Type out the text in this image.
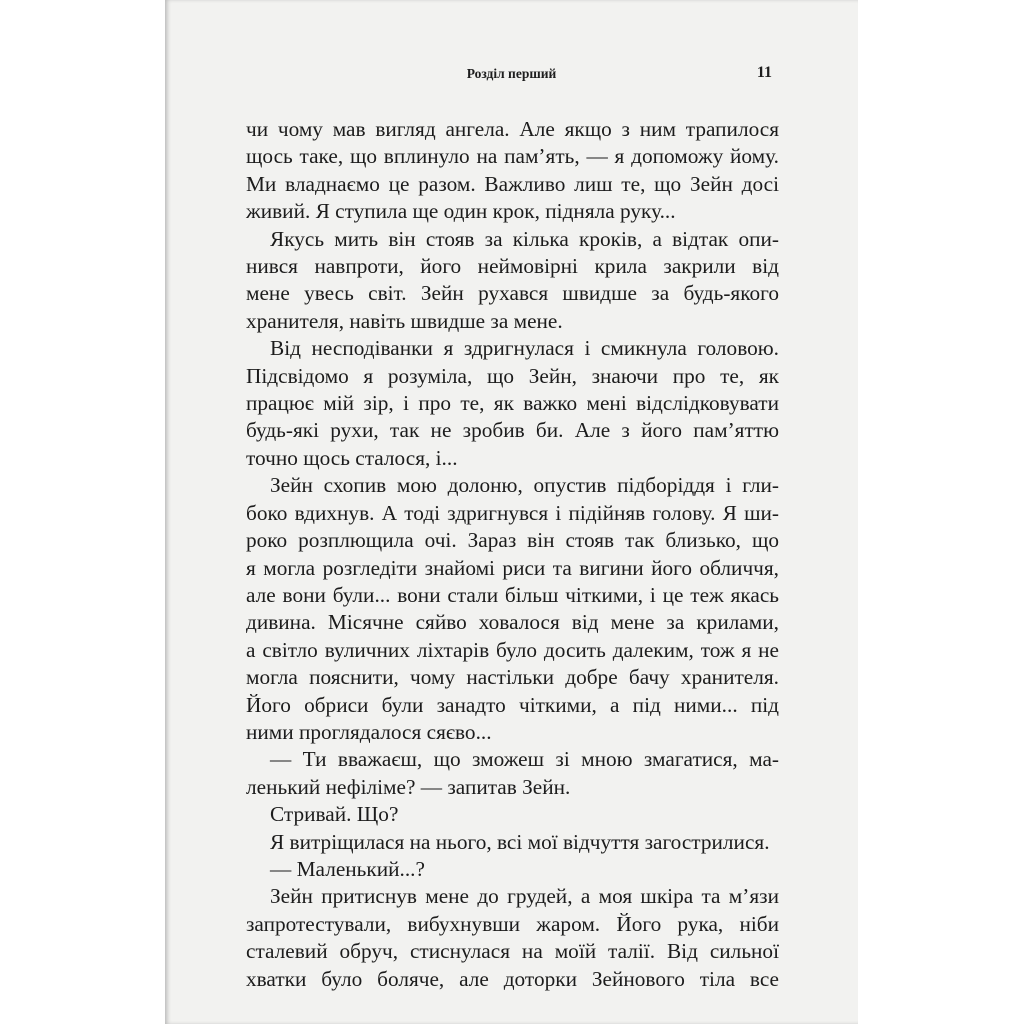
Розділ перший	11
чи чому мав вигляд ангела. Але якщо з ним трапилося
щось таке, що вплинуло на пам’ять, — я допоможу йому.
Ми владнаємо це разом. Важливо лиш те, що Зейн досі
живий. Я ступила ще один крок, підняла руку...
Якусь мить він стояв за кілька кроків, а відтак опи-
нився навпроти, його неймовірні крила закрили від
мене увесь світ. Зейн рухався швидше за будь-якого
хранителя, навіть швидше за мене.
Від несподіванки я здригнулася і смикнула головою.
Підсвідомо я розуміла, що Зейн, знаючи про те, як
працює мій зір, і про те, як важко мені відслідковувати
будь-які рухи, так не зробив би. Але з його пам’яттю
точно щось сталося, і...
Зейн схопив мою долоню, опустив підборіддя і гли-
боко вдихнув. А тоді здригнувся і підійняв голову. Я ши-
роко розплющила очі. Зараз він стояв так близько, що
я могла розгледіти знайомі риси та вигини його обличчя,
але вони були... вони стали більш чіткими, і це теж якась
дивина. Місячне сяйво ховалося від мене за крилами,
а світло вуличних ліхтарів було досить далеким, тож я не
могла пояснити, чому настільки добре бачу хранителя.
Його обриси були занадто чіткими, а під ними... під
ними проглядалося сяєво...
— Ти вважаєш, що зможеш зі мною змагатися, ма-
ленький нефіліме? — запитав Зейн.
Стривай. Що?
Я витріщилася на нього, всі мої відчуття загострилися.
— Маленький...?
Зейн притиснув мене до грудей, а моя шкіра та м’язи
запротестували, вибухнувши жаром. Його рука, ніби
сталевий обруч, стиснулася на моїй талії. Від сильної
хватки було боляче, але доторки Зейнового тіла все
